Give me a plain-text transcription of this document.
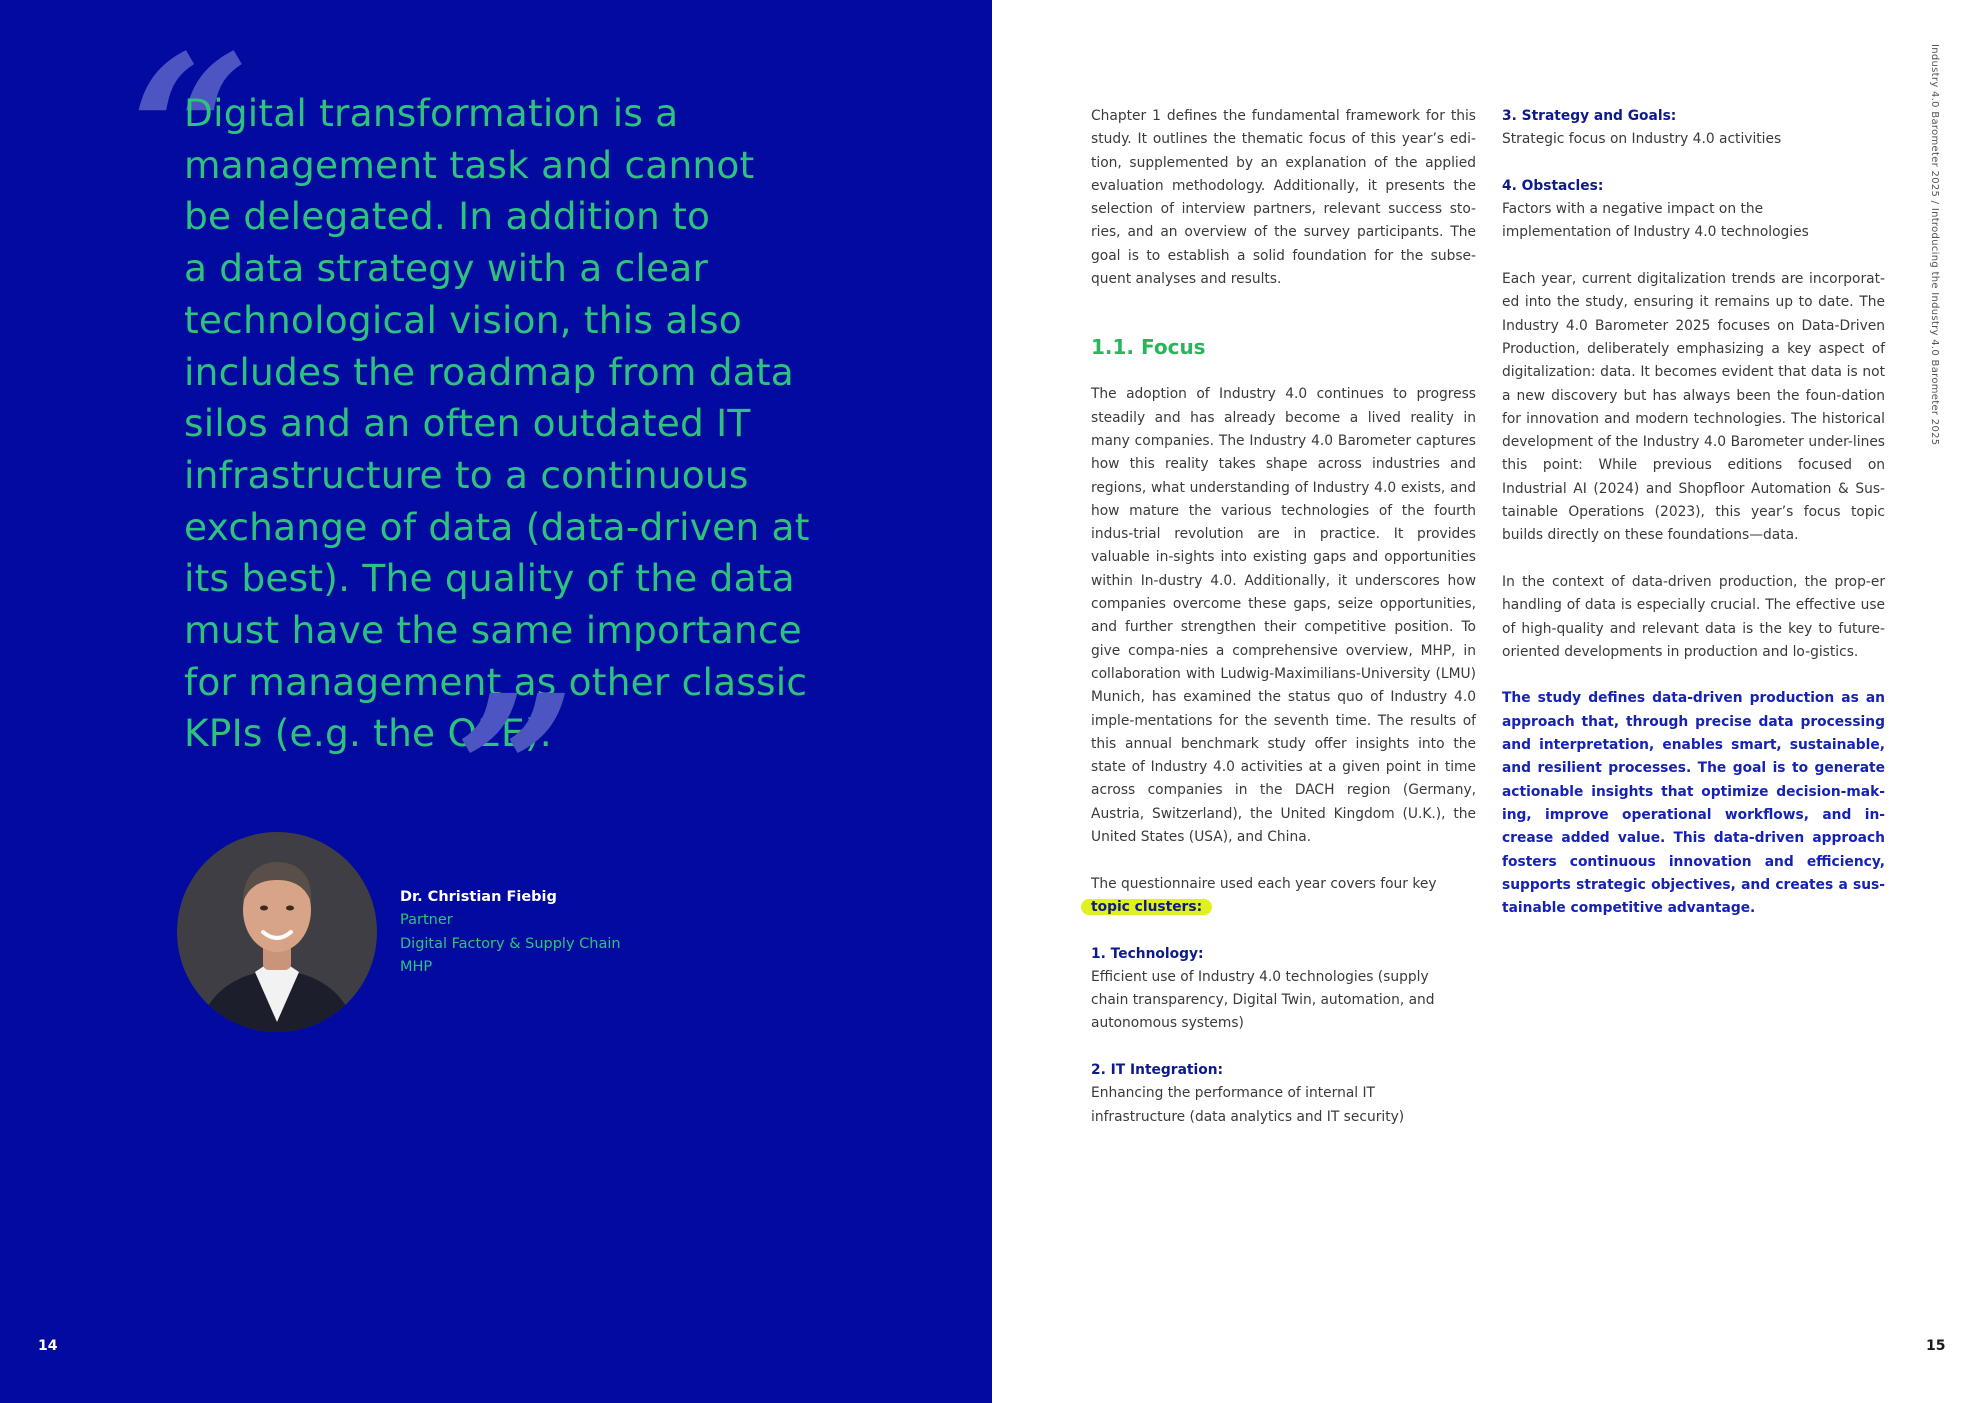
“
Digital transformation is a
management task and cannot
be delegated. In addition to
a data strategy with a clear
technological vision, this also
includes the roadmap from data
silos and an often outdated IT
infrastructure to a continuous
exchange of data (data-driven at
its best). The quality of the data
must have the same importance
for management as other classic
KPIs (e.g. the OEE).
”
Dr. Christian Fiebig
Partner
Digital Factory & Supply Chain
MHP
14
Industry 4.0 Barometer 2025 / Introducing the Industry 4.0 Barometer 2025

Chapter 1 defines the fundamental framework for this study. It outlines the thematic focus of this year’s edi-tion, supplemented by an explanation of the applied evaluation methodology. Additionally, it presents the selection of interview partners, relevant success sto-ries, and an overview of the survey participants. The goal is to establish a solid foundation for the subse-quent analyses and results.

1.1. Focus

The adoption of Industry 4.0 continues to progress steadily and has already become a lived reality in many companies. The Industry 4.0 Barometer captures how this reality takes shape across industries and regions, what understanding of Industry 4.0 exists, and how mature the various technologies of the fourth indus-trial revolution are in practice. It provides valuable in-sights into existing gaps and opportunities within In-dustry 4.0. Additionally, it underscores how companies overcome these gaps, seize opportunities, and further strengthen their competitive position. To give compa-nies a comprehensive overview, MHP, in collaboration with Ludwig-Maximilians-University (LMU) Munich, has examined the status quo of Industry 4.0 imple-mentations for the seventh time. The results of this annual benchmark study offer insights into the state of Industry 4.0 activities at a given point in time across companies in the DACH region (Germany, Austria, Switzerland), the United Kingdom (U.K.), the United States (USA), and China.

The questionnaire used each year covers four key
topic clusters:

1. Technology:
Efficient use of Industry 4.0 technologies (supply chain transparency, Digital Twin, automation, and autonomous systems)
2. IT Integration:
Enhancing the performance of internal IT infrastructure (data analytics and IT security)
3. Strategy and Goals:
Strategic focus on Industry 4.0 activities
4. Obstacles:
Factors with a negative impact on the implementation of Industry 4.0 technologies

Each year, current digitalization trends are incorporat-ed into the study, ensuring it remains up to date. The Industry 4.0 Barometer 2025 focuses on Data-Driven Production, deliberately emphasizing a key aspect of digitalization: data. It becomes evident that data is not a new discovery but has always been the foun-dation for innovation and modern technologies. The historical development of the Industry 4.0 Barometer under-lines this point: While previous editions focused on Industrial AI (2024) and Shopfloor Automation & Sus-tainable Operations (2023), this year’s focus topic builds directly on these foundations—data.

In the context of data-driven production, the prop-er handling of data is especially crucial. The effective use of high-quality and relevant data is the key to future-oriented developments in production and lo-gistics.

The study defines data-driven production as an approach that, through precise data processing and interpretation, enables smart, sustainable, and resilient processes. The goal is to generate actionable insights that optimize decision-mak-ing, improve operational workflows, and in-crease added value. This data-driven approach fosters continuous innovation and efficiency, supports strategic objectives, and creates a sus-tainable competitive advantage.

15
